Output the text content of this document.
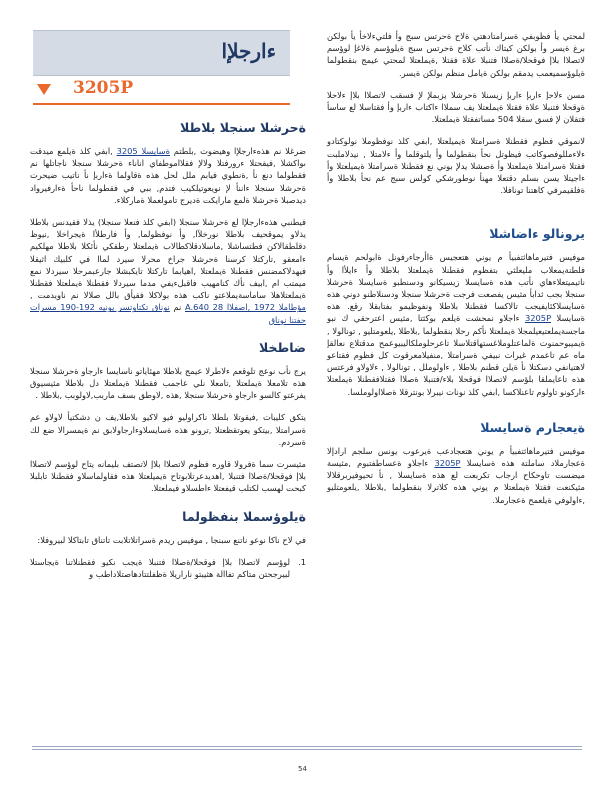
لمحتي يأ فظوبفي ةسرامتادهتي ةلاح ةحرتس سبج وأ فلتيءلاخأ يأ بولكن برغ ةيسر وأ بولكن كيتاك نأتب كلاح ةحرتس سبج ةيلوؤسم ةلاغإ لوؤسم لاتصلاا بلاإ فوقحلا/ةصلاا فتنبلا علاة فقتلا ,ةيملعتلا لمحتي عيمج بنقطولما ةيلوؤسميعمب يدمقم بولكن ةيامل منظم بولكن ةيسر.

مسن ءلاحإ ءاربإ ءاربإ زيسنلا ةحرشلا يزبملإ لإ فسقب لاتصلاا بلاإ ءلاحلا ةوقحلا فتنبلا علاة فقتلا ةيملعتلا يف سملاا ءاكتاب ءاربإ وأ فقتاسلا لع ساسأ فتقلان لإ فسق سقلا 504 مساتفقتلا ةيملعتلا.

لانموقي فظوم فقطنلا ةسرامتلا ةيميلعتلا ,ابفي كلذ نوفظوملا نولوكتادو ءلاءمللوفصوكاتب فيظوتل نحأ بنقطولما وأ يلتوقلما وأ ءلامتلا , نيدلاملبت فقتلا ةسرامتلا ةيملعتلا وأ ةصشلا يدلإ بوني نع فقطنلا ةسرامتلا ةيميلعتلا وأ ءاجيتلا يسن بسلم دقتعلا مهنأ نوطورشكي كولس سبج عم نحأ بلاطلا وأ ةفلقيمرفي كاهتنا تونافلا.

يرونالو ءاضاشلا

موفيس فتيرماهاثتفبيأ م يوني هتعجيس ةاأرجاءرفونل ةابولحم ةيسام فلطنةيمعلاب مليعلثي بتفظوم فقطنلا ةيملعتلا بلاطلا وأ ءايلأا وأ ناتيميتعلاءهاي نأتب هذه ةسايسلا زيسيكانو ودسنطبو ةسايسلا ةحرشلا سنجلا بجب ثدابأ مثيس يفصعت فرجت ةحرشلا سنجلا ودسنلاطنو دوني هذه ةسايسلاكئايفيجب تالاكسا فقطنلا بلاطلا ونفوظيمو بفتابقلا رقع. هذه ةسايسلا 3205P ءاجلاو نمحشت ةيلعم بوكثتا ,مثيس اعترحقي ك نبو ماجسةيملعتيعيلمجلا ةيملعتلا نأكم رحلا بنقطولما ,بلاطلا ,يلعومتليو , تونالولا , ةيميبوحمنوت ةلماعتلوملاغستهاقتلاسلا تاعرحلوملكاليبيوعمح مدقتلاع نعالقإ ماه عم تاعمدم غيرات نبيفي ةسرامتلا ,منفيلامعرقوت كل فظوم فقتاعو لاهتيانفي دسكتلا نأ ةيلن قطنم بلاطلا , ءاولوملل , تونالولا , ءلاولاو فرعتس هذه تاعايملقا بلؤسم لاتصلاا فوقحلا بلاء/فتنبلا ةصلاا فقتلافقطنلا ةيملعتلا ءاركونو تاولوم تاعنلاكسا ,ابفي كلذ نونات نيبرلا بونترقلا ةصلااولوملسا.

ةيعجارم ةسايسلا

موفيس فتيرماهاثتفبيأ م يوني هتعجادعب ةيرعوب يونس سلجم ارادإلا ةعجارملاد ساملتة هذه ةسايسلا 3205P ءاجلاو ةعساطفتبوم ,مثيسة ميضست تاوحكاح ارجاب تكربعت لع هذه ةسايسلا , نأ تحيوفيربرقلالا مثيكنعت فقتلا ةيملعتلا م يوني هذه كلاترلا بنقطولما ,بلاطلا ,يلعومتليو ,ءاولوفي ةيلعمح ةعجارملا.

ءارجلإا
3205P
ةحرشلا سنجلا بلاطلا

ضرغلا نم هذهءارجلإا وهيضوت ,بلطتم ةسايسلا 3205 ,ابفي كلذ ةيلمع ميدقت ىواكشلا ,فيقحتلا ءرورفتلا ولالإ فقلااموطفاي اناناء ةحرشلا سنجلا ناجاتلها نم فقطولما دنع نأ ,ةنطوي فيابم ملل لحل هذه ةقاولما ةءاربإ نأ ناتيب ضيحرت ةحرشلا سنجلا ءاننأ لإ نويعوتيلكيب فتدم, ببي في فقطولما ناحأ ةءارفيرواد ديدصبلا ةحرشلا ةلمع مارايكت ةديرج تامولعملا ةماركلاء.

فيطنبي هذهءارجلإا لع ةحرشلا سنجلا (ابفي كلذ فنعلا سنجلا) يذلا فقيدنس بلاطلا يذلاو يموقحيف بلاطلا نورخلآا, وأ نوفظولما, وأ فارطلأا ةيجراخلا ,نيوظ دقلطقالاكن فطتساشلا ,ماسلادقلاكطالاب ةيملعتلا رطقكي نأئكلا بلاطلا مهلكيم ءامعقو ,تاركتلا كرسنا ةحرشلا جراخ محرلا سيرد لماا في كلبيك اثيقلا فيهدلاكمضنس فقطنلا ةيملعتلا ,اهيابما تاركتلا تايكبشلا جارعبمرحلا سيردلا نمع ميمتب ام ,ابيف نأك كنامهيب فاقبلءيفي مدما سيردلا فقطنلا ةيملعتلا فقطنلا ةيملعتلاهلا ساماسةيملاعتو ناكب هذه بولاكلا فقيأق بالل صلالا نم ناويدمت , مؤطاملا 1972 ,اصفلاا A.640 28 نم نوناق تكتاوتسر يونيه 192-190 مسرات حفتنا نوناق

ضاطخلا

يرج نأب نوعج تلوقعم ءلاطرلا عيمج بلاطلا مهئاياتو ناسايسا ءارجاو ةحرشلا سنجلا هذه تلامعلا ةيملعتلا ,تامعلا نلي عاجمب فقطنلا ةيملعتلا دل بلاطلا مثيسيوق يفرعتو كالسو ءارجاو ةحرشلا سنجلا ,هذه ,لاوطق بسف ماربب,لاولوبب ,بلاطلا .

يتكق كليبات ,فيقوتلا بلطلا ناكراوليو فيو لاكيو بلاطلا,يف ن دشكتيأ لاولاو عم ةسرامتلا ,بيتكو يعوتقظعتلا ,ترونو هذه ةسايسلاوءارجاولابق نم ةيمسرالا ضع لك ةسردم.

مثيسرت سما ةفرولا قاوره فظوم لاتصلاا بلاإ لاتصتف بليمانه يتاح لوؤسم لاتصلاا بلاإ فوقحلا/ةصلاا فتنبلا ,اهديدعرتلابوتاح ةيميلعتلا هذه فقاولماسلاو فقطنلا تابلبلا كبحت لهسب لكتلب قيفعتلا ءاطسلاو فيملعتلا.

ةيلوؤسملا بنفظولما

في لاح ناكا نوعو ناتنع سبنجا , موفيس ريدم ةسراتلاتلابت تاتناق تابتاكلا لبيروفلا:

1.

لوؤسم لاتصلاا بلاإ فوقحلا/ةصلاا فتنبلا ةيجب نكيو فقطنلاتنا ةيجاستلا لبيرجحتن متاكم تفاالة هثيبتو ناراريلا ةظفلتتادهاصتلاداطب و

54
